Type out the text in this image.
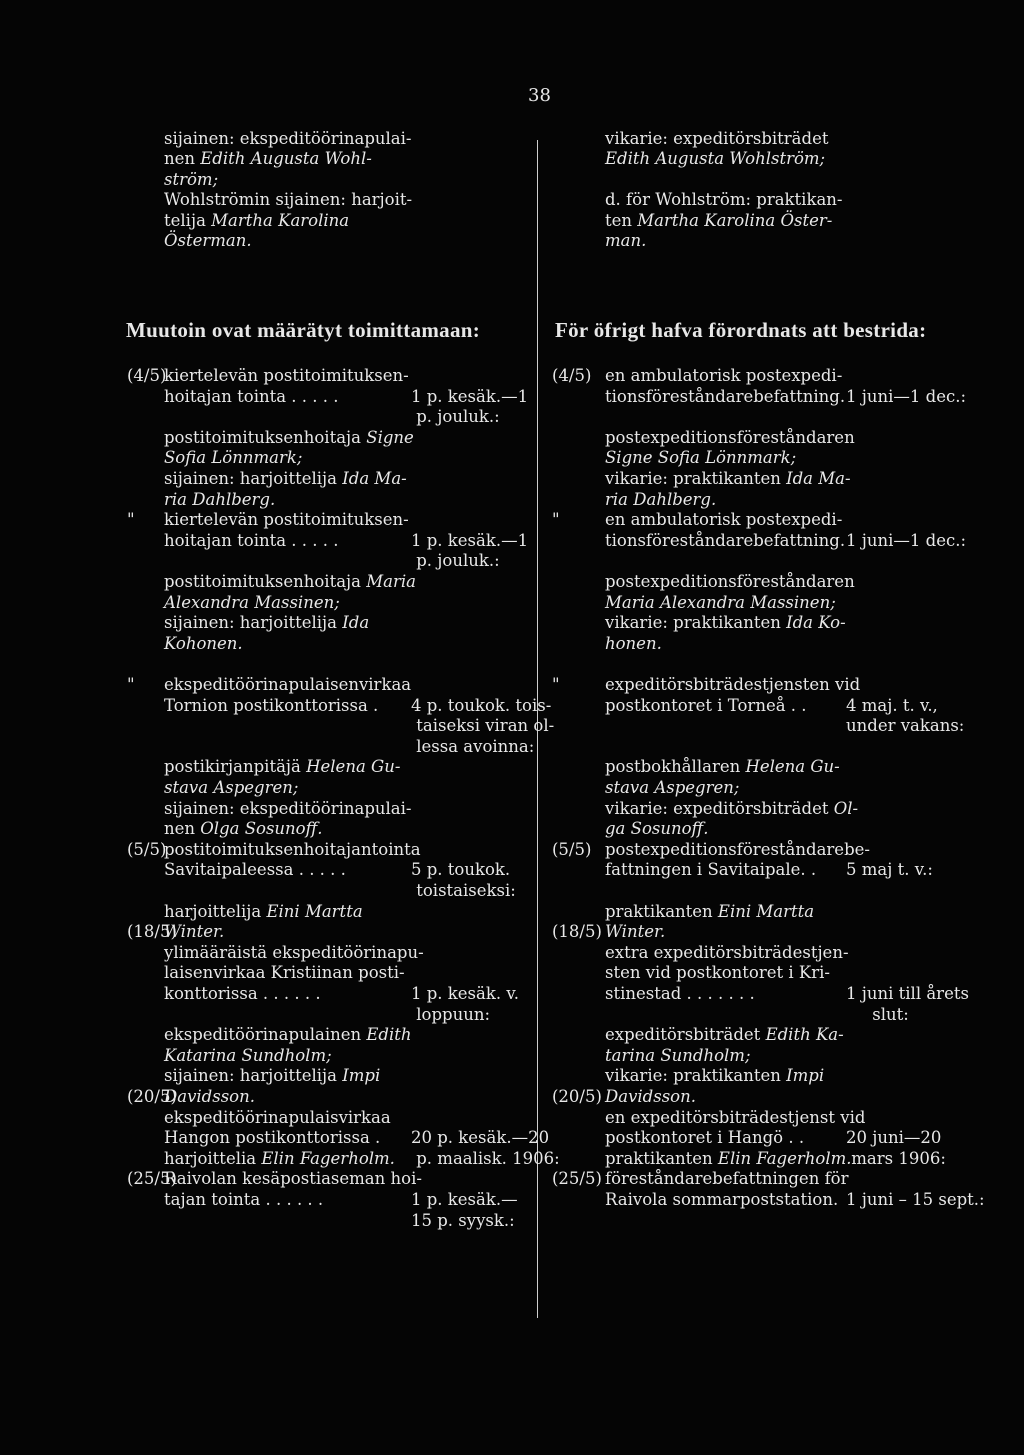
38
sijainen: ekspeditöörinapulai-
nen Edith Augusta Wohl-
ström;
Wohlströmin sijainen: harjoit-
telija Martha Karolina
Österman.
vikarie: expeditörsbiträdet
Edith Augusta Wohlström;
d. för Wohlström: praktikan-
ten Martha Karolina Öster-
man.
Muutoin ovat määrätyt toimittamaan:	För öfrigt hafva förordnats att bestrida:
(4/5)
"
"
(5/5)
(18/5)
(20/5)
(25/5)
kiertelevän postitoimituksen-
hoitajan tointa . . . . .
postitoimituksenhoitaja Signe
Sofia Lönnmark;
sijainen: harjoittelija Ida Ma-
ria Dahlberg.
kiertelevän postitoimituksen-
hoitajan tointa . . . . .
postitoimituksenhoitaja Maria
Alexandra Massinen;
sijainen: harjoittelija Ida
Kohonen.
ekspeditöörinapulaisenvirkaa
Tornion postikonttorissa .
postikirjanpitäjä Helena Gu-
stava Aspegren;
sijainen: ekspeditöörinapulai-
nen Olga Sosunoff.
postitoimituksenhoitajantointa
Savitaipaleessa . . . . .
harjoittelija Eini Martta
Winter.
ylimääräistä ekspeditöörinapu-
laisenvirkaa Kristiinan posti-
konttorissa . . . . . .
ekspeditöörinapulainen Edith
Katarina Sundholm;
sijainen: harjoittelija Impi
Davidsson.
ekspeditöörinapulaisvirkaa
Hangon postikonttorissa .
harjoittelia Elin Fagerholm.
Raivolan kesäpostiaseman hoi-
tajan tointa . . . . . .
1 p. kesäk.—1
p. jouluk.:
1 p. kesäk.—1
p. jouluk.:
4 p. toukok. tois-
taiseksi viran ol-
lessa avoinna:
5 p. toukok.
toistaiseksi:
1 p. kesäk. v.
loppuun:
20 p. kesäk.—20
p. maalisk. 1906:
1 p. kesäk.—
15 p. syysk.:
(4/5)
"
"
(5/5)
(18/5)
(20/5)
(25/5)
en ambulatorisk postexpedi-
tionsföreståndarebefattning.
postexpeditionsföreståndaren
Signe Sofia Lönnmark;
vikarie: praktikanten Ida Ma-
ria Dahlberg.
en ambulatorisk postexpedi-
tionsföreståndarebefattning.
postexpeditionsföreståndaren
Maria Alexandra Massinen;
vikarie: praktikanten Ida Ko-
honen.
expeditörsbiträdestjensten vid
postkontoret i Torneå . .
postbokhållaren Helena Gu-
stava Aspegren;
vikarie: expeditörsbiträdet Ol-
ga Sosunoff.
postexpeditionsföreståndarebe-
fattningen i Savitaipale. .
praktikanten Eini Martta
Winter.
extra expeditörsbiträdestjen-
sten vid postkontoret i Kri-
stinestad . . . . . . .
expeditörsbiträdet Edith Ka-
tarina Sundholm;
vikarie: praktikanten Impi
Davidsson.
en expeditörsbiträdestjenst vid
postkontoret i Hangö . .
praktikanten Elin Fagerholm.
föreståndarebefattningen för
Raivola sommarpoststation.
1 juni—1 dec.:
1 juni—1 dec.:
4 maj. t. v.,
under vakans:
5 maj t. v.:
1 juni till årets
slut:
20 juni—20
mars 1906:
1 juni – 15 sept.:
